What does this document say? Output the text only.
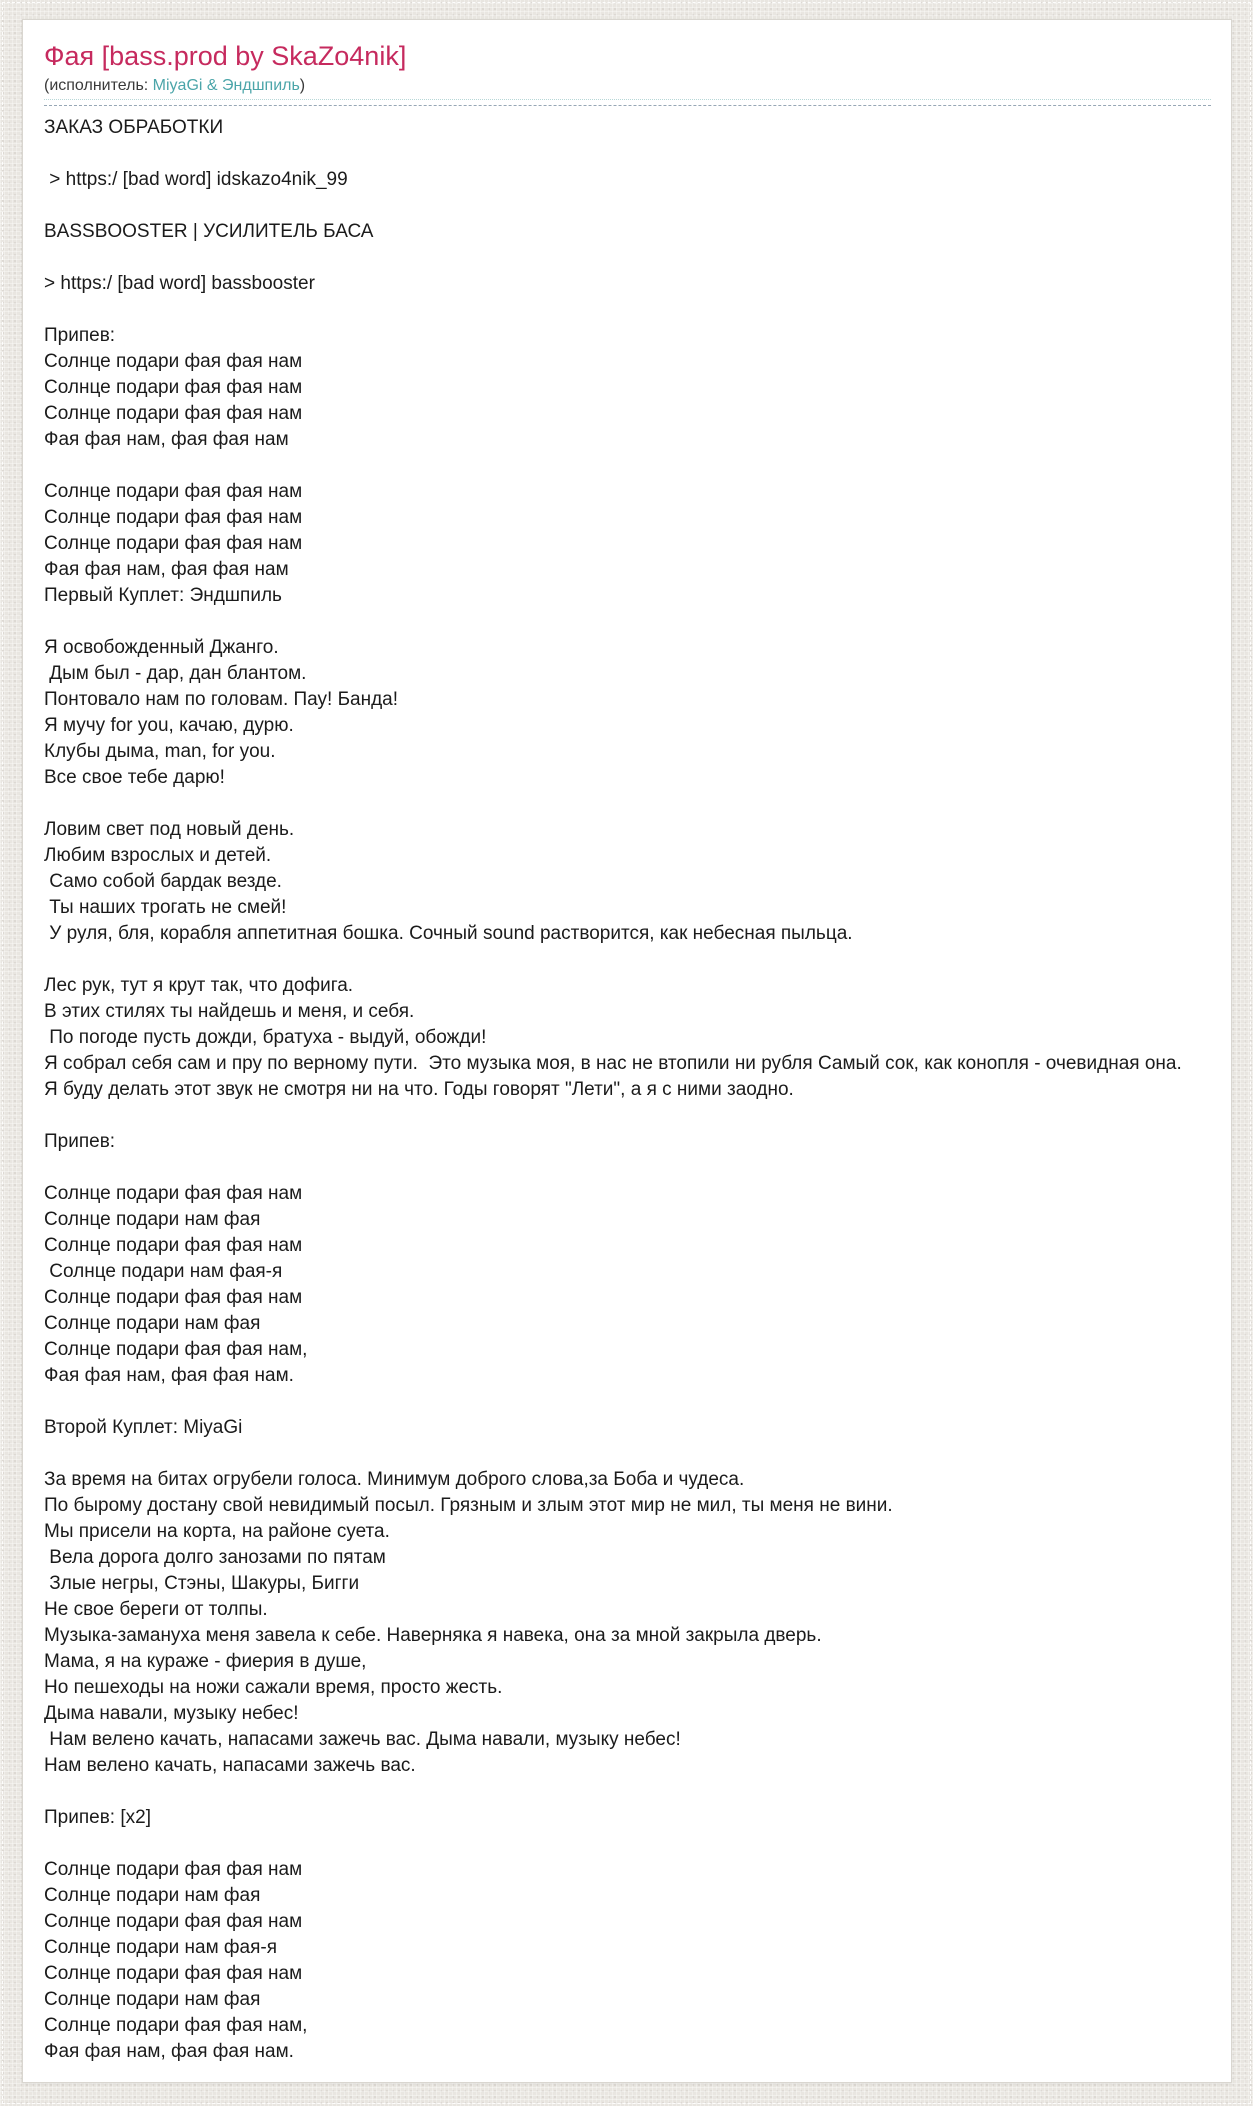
Фая [bass.prod by SkaZo4nik]
(исполнитель: MiyaGi & Эндшпиль)
ЗАКАЗ ОБРАБОТКИ
> https:/ [bad word] idskazo4nik_99
BASSBOOSTER | УСИЛИТЕЛЬ БАСА
> https:/ [bad word] bassbooster
Припев:
Солнце подари фая фая нам
Солнце подари фая фая нам
Солнце подари фая фая нам
Фая фая нам, фая фая нам
Солнце подари фая фая нам
Солнце подари фая фая нам
Солнце подари фая фая нам
Фая фая нам, фая фая нам
Первый Куплет: Эндшпиль
Я освобожденный Джанго.
Дым был - дар, дан блантом.
Понтовало нам по головам. Пау! Банда!
Я мучу for you, качаю, дурю.
Клубы дыма, man, for you.
Все свое тебе дарю!
Ловим свет под новый день.
Любим взрослых и детей.
Само собой бардак везде.
Ты наших трогать не смей!
У руля, бля, корабля аппетитная бошка. Сочный sound растворится, как небесная пыльца.
Лес рук, тут я крут так, что дофига.
В этих стилях ты найдешь и меня, и себя.
По погоде пусть дожди, братуха - выдуй, обожди!
Я собрал себя сам и пру по верному пути.  Это музыка моя, в нас не втопили ни рубля Самый сок, как конопля - очевидная она.
Я буду делать этот звук не смотря ни на что. Годы говорят "Лети", а я с ними заодно.
Припев:
Солнце подари фая фая нам
Солнце подари нам фая
Солнце подари фая фая нам
Солнце подари нам фая-я
Солнце подари фая фая нам
Солнце подари нам фая
Солнце подари фая фая нам,
Фая фая нам, фая фая нам.
Второй Куплет: MiyaGi
За время на битах огрубели голоса. Минимум доброго слова,за Боба и чудеса.
По бырому достану свой невидимый посыл. Грязным и злым этот мир не мил, ты меня не вини.
Мы присели на корта, на районе суета.
Вела дорога долго занозами по пятам
Злые негры, Стэны, Шакуры, Бигги
Не свое береги от толпы.
Музыка-замануха меня завела к себе. Наверняка я навека, она за мной закрыла дверь.
Мама, я на кураже - фиерия в душе,
Но пешеходы на ножи сажали время, просто жесть.
Дыма навали, музыку небес!
Нам велено качать, напасами зажечь вас. Дыма навали, музыку небес!
Нам велено качать, напасами зажечь вас.
Припев: [x2]
Солнце подари фая фая нам
Солнце подари нам фая
Солнце подари фая фая нам
Солнце подари нам фая-я
Солнце подари фая фая нам
Солнце подари нам фая
Солнце подари фая фая нам,
Фая фая нам, фая фая нам.
